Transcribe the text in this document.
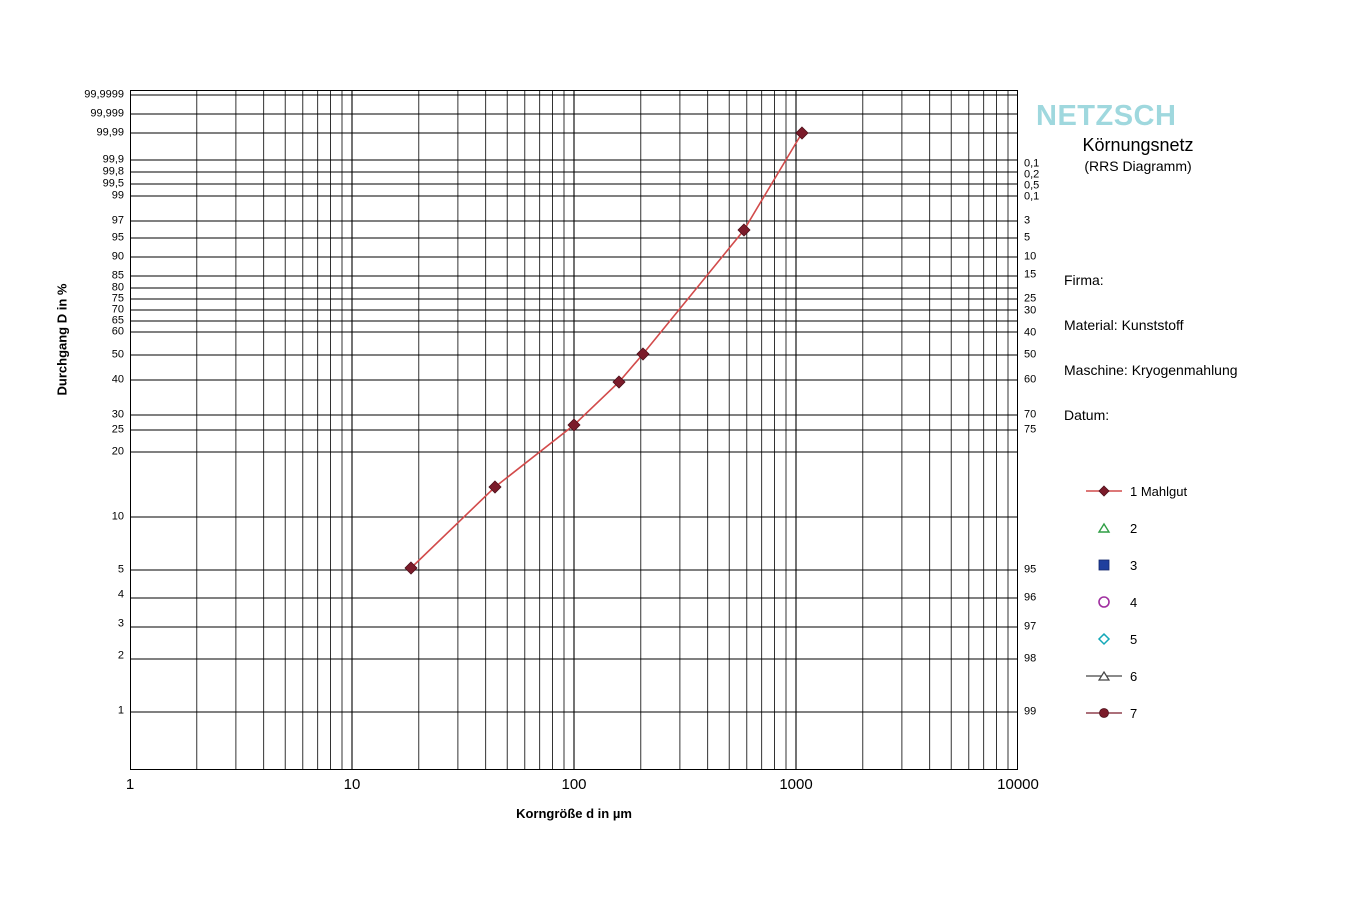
99,9999
99,999
99,99
99,9
99,8
99,5
99
97
95
90
85
80
75
70
65
60
50
40
30
25
20
10
5
4
3
2
1
0,1
0,2
0,5
0,1
3
5
10
15
25
30
40
50
60
70
75
95
96
97
98
99
1	10	100	1000	10000
Durchgang D in %
Korngröße d in µm
NETZSCH
Körnungsnetz
(RRS Diagramm)
Firma:
Material: Kunststoff
Maschine: Kryogenmahlung
Datum:
1 Mahlgut
2
3
4
5
6
7
